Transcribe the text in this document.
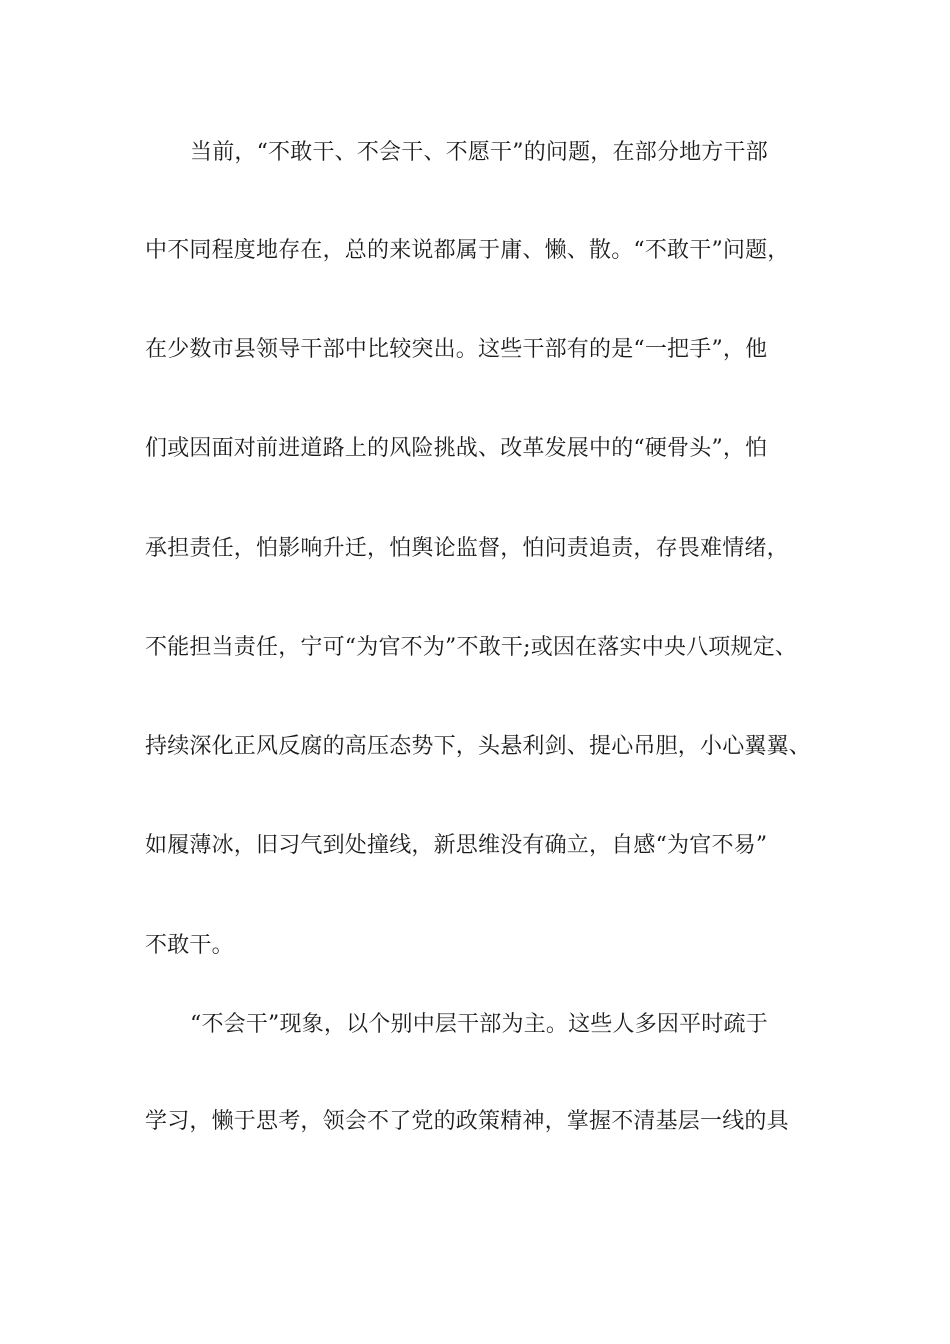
当前，“不敢干、不会干、不愿干”的问题，在部分地方干部
中不同程度地存在，总的来说都属于庸、懒、散。“不敢干”问题，
在少数市县领导干部中比较突出。这些干部有的是“一把手”，他
们或因面对前进道路上的风险挑战、改革发展中的“硬骨头”，怕
承担责任，怕影响升迁，怕舆论监督，怕问责追责，存畏难情绪，
不能担当责任，宁可“为官不为”不敢干;或因在落实中央八项规定、
持续深化正风反腐的高压态势下，头悬利剑、提心吊胆，小心翼翼、
如履薄冰，旧习气到处撞线，新思维没有确立，自感“为官不易”
不敢干。
“不会干”现象，以个别中层干部为主。这些人多因平时疏于
学习，懒于思考，领会不了党的政策精神，掌握不清基层一线的具
